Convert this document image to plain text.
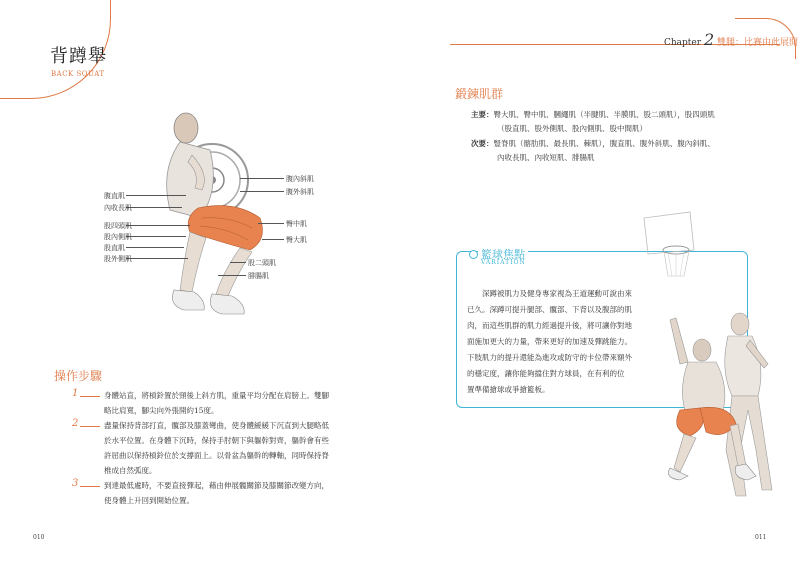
背蹲舉
BACK SQUAT
Chapter 2 雙腿：比賽由此展開
腹直肌
內收長肌
股四頭肌
股內側肌
股直肌
股外側肌
腹內斜肌
腹外斜肌
臀中肌
臀大肌
股二頭肌
腓腸肌
操作步驟
1	身體站直，將槓鈴置於頸後上斜方肌，重量平均分配在肩膀上。雙腳
略比肩寬，腳尖向外張開約15度。
2	盡量保持背部打直，髖部及膝蓋彎曲，使身體緩緩下沉直到大腿略低
於水平位置。在身體下沉時，保持手肘朝下與軀幹對齊，軀幹會有些
許屈曲以保持槓鈴位於支撐面上。以骨盆為軀幹的轉軸，同時保持脊
椎成自然弧度。
3	到達最低處時，不要直接彈起，藉由伸展髖關節及膝關節改變方向，
使身體上升回到開始位置。
鍛鍊肌群
主要：臀大肌、臀中肌、膕繩肌（半腱肌、半膜肌、股二頭肌），股四頭肌
（股直肌、股外側肌、股內側肌、股中間肌）
次要：豎脊肌（髂肋肌、最長肌、棘肌），腹直肌、腹外斜肌、腹內斜肌、
內收長肌、內收短肌、腓腸肌
籃球焦點
VARIATION
深蹲被肌力及健身專家視為王道運動可說由來
已久。深蹲可提升腿部、髖部、下背以及腹部的肌
肉，而這些肌群的肌力經過提升後，將可讓你對地
面施加更大的力量，帶來更好的加速及彈跳能力。
下肢肌力的提升還能為進攻或防守的卡位帶來額外
的穩定度，讓你能夠擋住對方球員，在有利的位
置準備搶球或爭搶籃板。
010	011
